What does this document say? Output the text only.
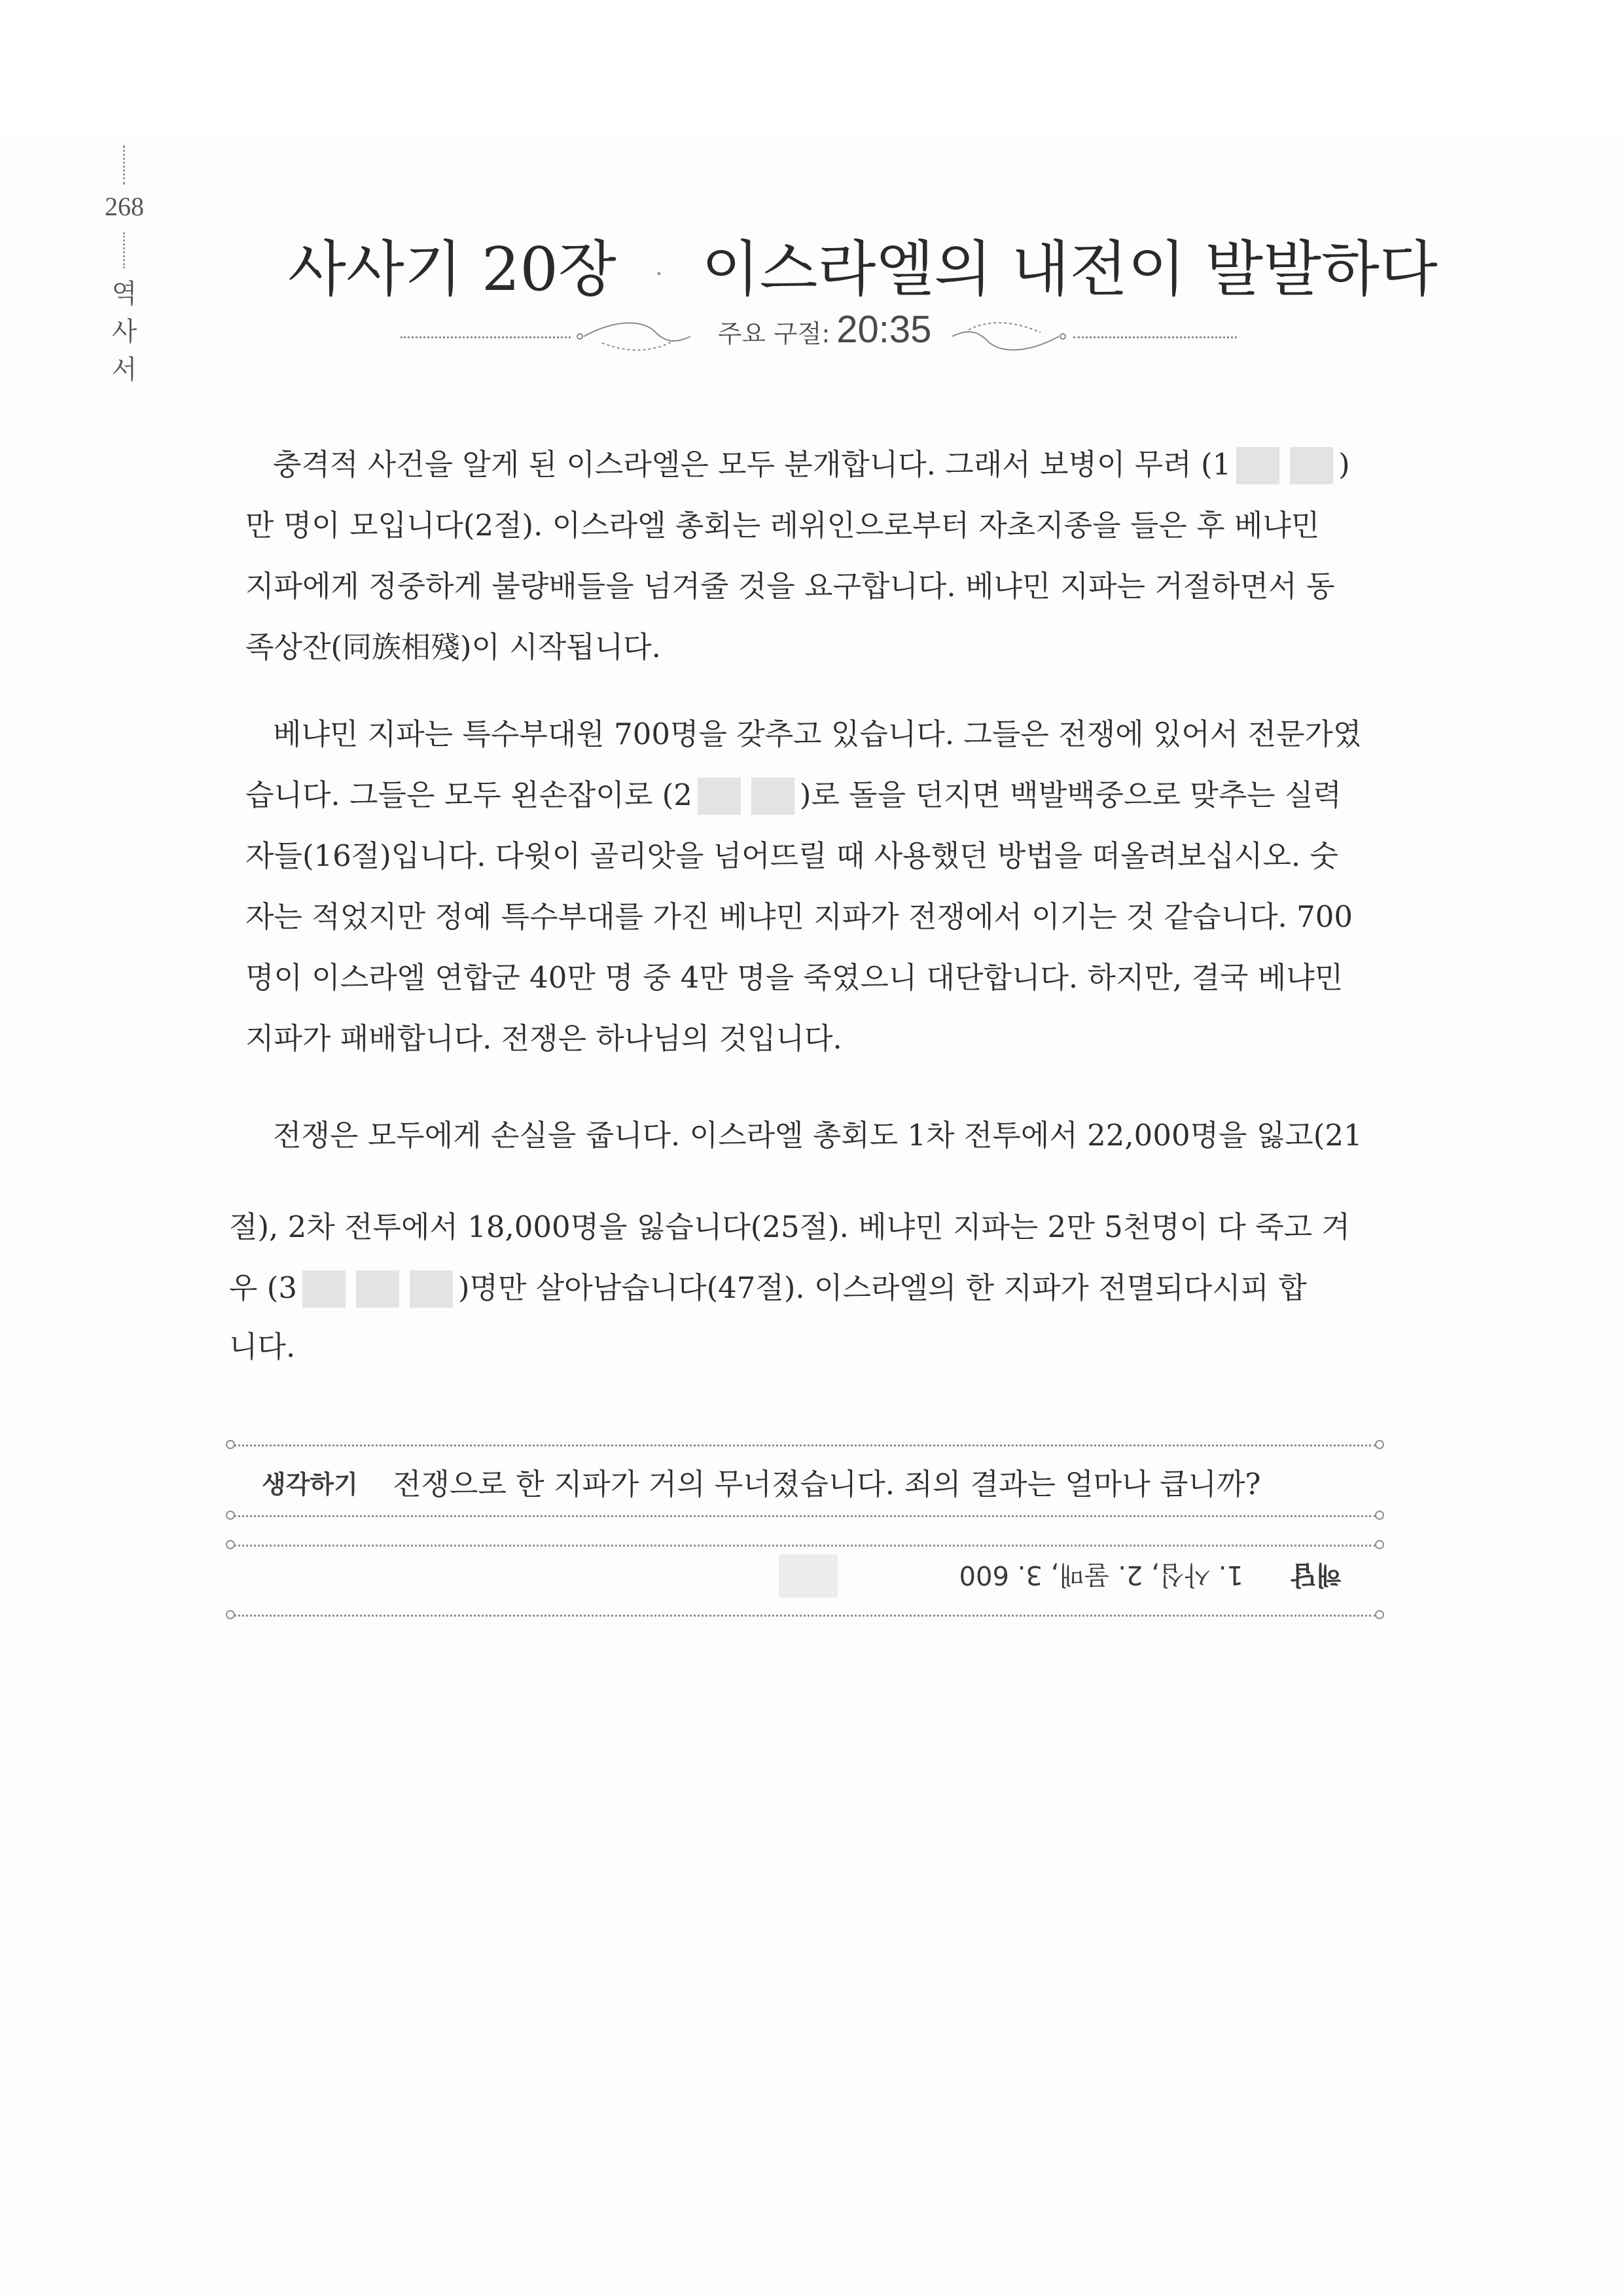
268
역사서
사사기 20장 · 이스라엘의 내전이 발발하다
주요 구절: 20:35
충격적 사건을 알게 된 이스라엘은 모두 분개합니다. 그래서 보병이 무려 (1	)
만 명이 모입니다(2절). 이스라엘 총회는 레위인으로부터 자초지종을 들은 후 베냐민
지파에게 정중하게 불량배들을 넘겨줄 것을 요구합니다. 베냐민 지파는 거절하면서 동
족상잔(同族相殘)이 시작됩니다.
베냐민 지파는 특수부대원 700명을 갖추고 있습니다. 그들은 전쟁에 있어서 전문가였
습니다. 그들은 모두 왼손잡이로 (2	)로 돌을 던지면 백발백중으로 맞추는 실력
자들(16절)입니다. 다윗이 골리앗을 넘어뜨릴 때 사용했던 방법을 떠올려보십시오. 숫
자는 적었지만 정예 특수부대를 가진 베냐민 지파가 전쟁에서 이기는 것 같습니다. 700
명이 이스라엘 연합군 40만 명 중 4만 명을 죽였으니 대단합니다. 하지만, 결국 베냐민
지파가 패배합니다. 전쟁은 하나님의 것입니다.
전쟁은 모두에게 손실을 줍니다. 이스라엘 총회도 1차 전투에서 22,000명을 잃고(21
절), 2차 전투에서 18,000명을 잃습니다(25절). 베냐민 지파는 2만 5천명이 다 죽고 겨
우 (3	)명만 살아남습니다(47절). 이스라엘의 한 지파가 전멸되다시피 합
니다.
생각하기 전쟁으로 한 지파가 거의 무너졌습니다. 죄의 결과는 얼마나 큽니까?
해답
1. 사십, 2. 물매, 3. 600
